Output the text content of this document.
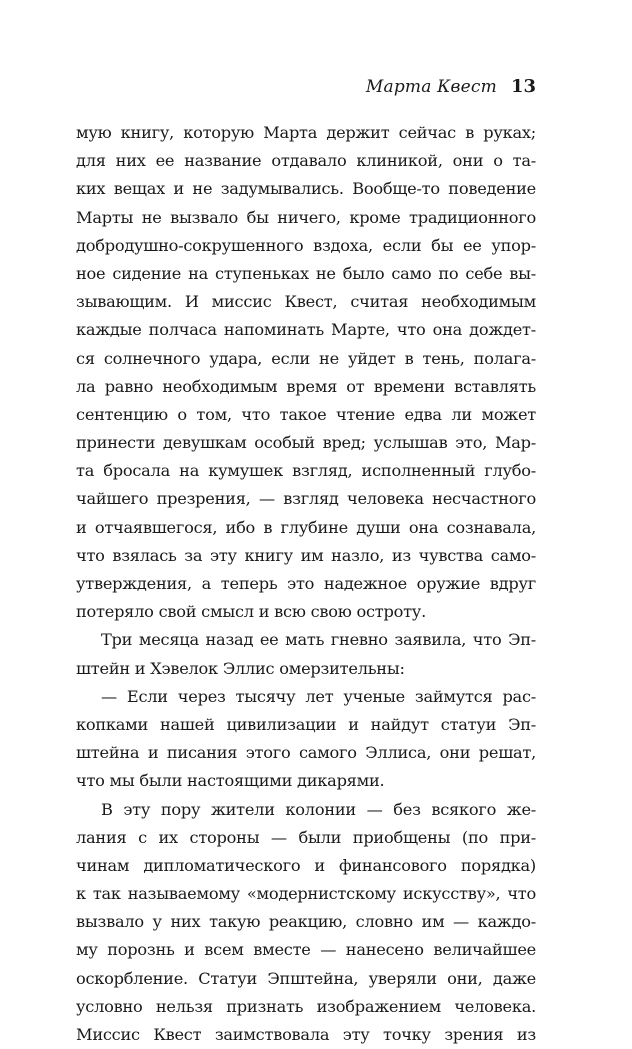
Марта Квест 13
мую книгу, которую Марта держит сейчас в руках;
для них ее название отдавало клиникой, они о та-
ких вещах и не задумывались. Вообще-то поведение
Марты не вызвало бы ничего, кроме традиционного
добродушно-сокрушенного вздоха, если бы ее упор-
ное сидение на ступеньках не было само по себе вы-
зывающим. И миссис Квест, считая необходимым
каждые полчаса напоминать Марте, что она дождет-
ся солнечного удара, если не уйдет в тень, полага-
ла равно необходимым время от времени вставлять
сентенцию о том, что такое чтение едва ли может
принести девушкам особый вред; услышав это, Мар-
та бросала на кумушек взгляд, исполненный глубо-
чайшего презрения, — взгляд человека несчастного
и отчаявшегося, ибо в глубине души она сознавала,
что взялась за эту книгу им назло, из чувства само-
утверждения, а теперь это надежное оружие вдруг
потеряло свой смысл и всю свою остроту.
Три месяца назад ее мать гневно заявила, что Эп-
штейн и Хэвелок Эллис омерзительны:
— Если через тысячу лет ученые займутся рас-
копками нашей цивилизации и найдут статуи Эп-
штейна и писания этого самого Эллиса, они решат,
что мы были настоящими дикарями.
В эту пору жители колонии — без всякого же-
лания с их стороны — были приобщены (по при-
чинам дипломатического и финансового порядка)
к так называемому «модернистскому искусству», что
вызвало у них такую реакцию, словно им — каждо-
му порознь и всем вместе — нанесено величайшее
оскорбление. Статуи Эпштейна, уверяли они, даже
условно нельзя признать изображением человека.
Миссис Квест заимствовала эту точку зрения из
